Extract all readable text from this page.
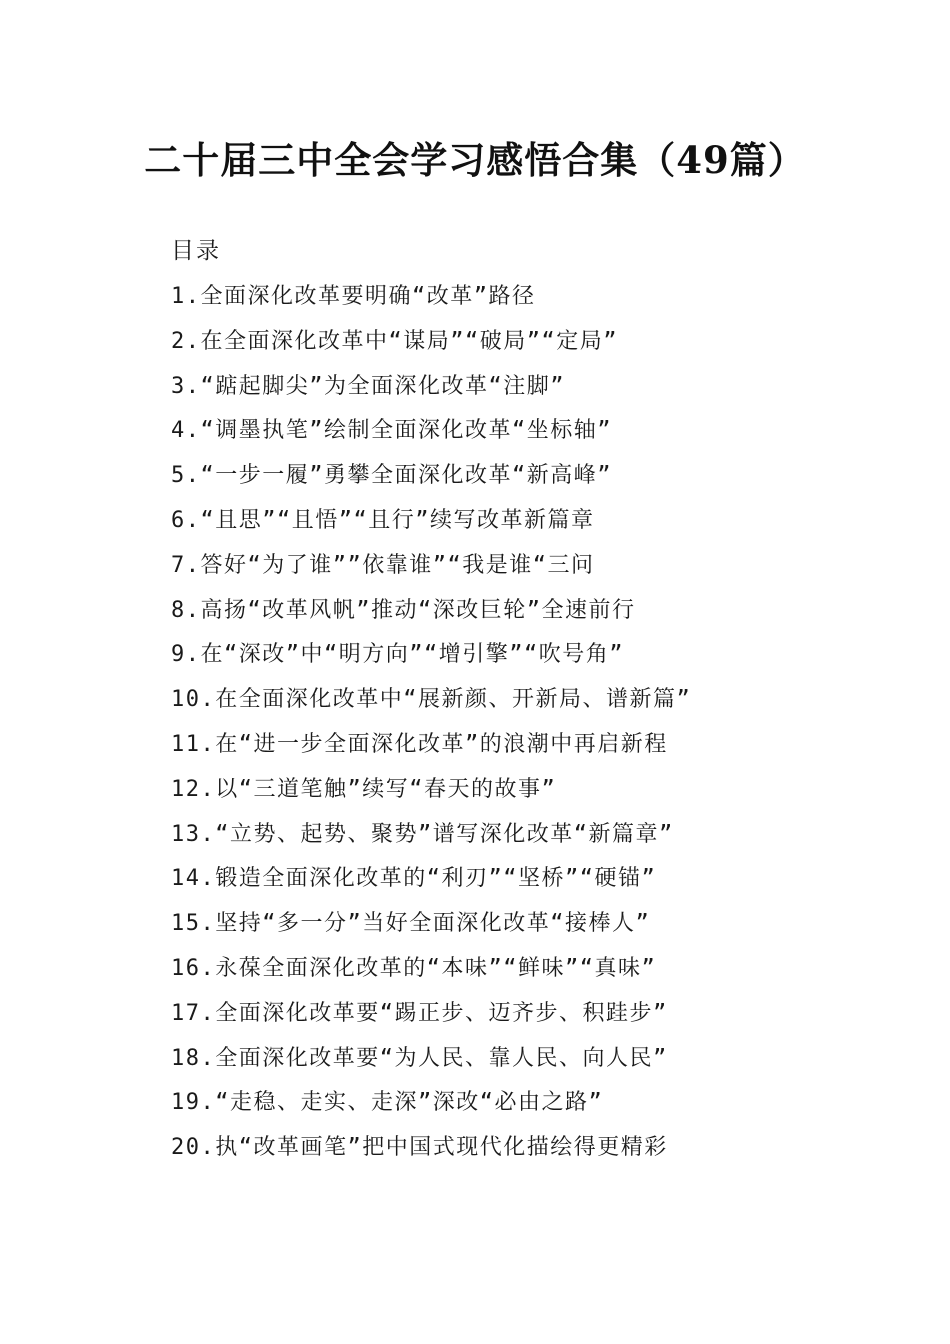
二十届三中全会学习感悟合集（49篇）
目录
1.全面深化改革要明确“改革”路径
2.在全面深化改革中“谋局”“破局”“定局”
3.“踮起脚尖”为全面深化改革“注脚”
4.“调墨执笔”绘制全面深化改革“坐标轴”
5.“一步一履”勇攀全面深化改革“新高峰”
6.“且思”“且悟”“且行”续写改革新篇章
7.答好“为了谁””依靠谁”“我是谁“三问
8.高扬“改革风帆”推动“深改巨轮”全速前行
9.在“深改”中“明方向”“增引擎”“吹号角”
10.在全面深化改革中“展新颜、开新局、谱新篇”
11.在“进一步全面深化改革”的浪潮中再启新程
12.以“三道笔触”续写“春天的故事”
13.“立势、起势、聚势”谱写深化改革“新篇章”
14.锻造全面深化改革的“利刃”“坚桥”“硬锚”
15.坚持“多一分”当好全面深化改革“接棒人”
16.永葆全面深化改革的“本味”“鲜味”“真味”
17.全面深化改革要“踢正步、迈齐步、积跬步”
18.全面深化改革要“为人民、靠人民、向人民”
19.“走稳、走实、走深”深改“必由之路”
20.执“改革画笔”把中国式现代化描绘得更精彩
